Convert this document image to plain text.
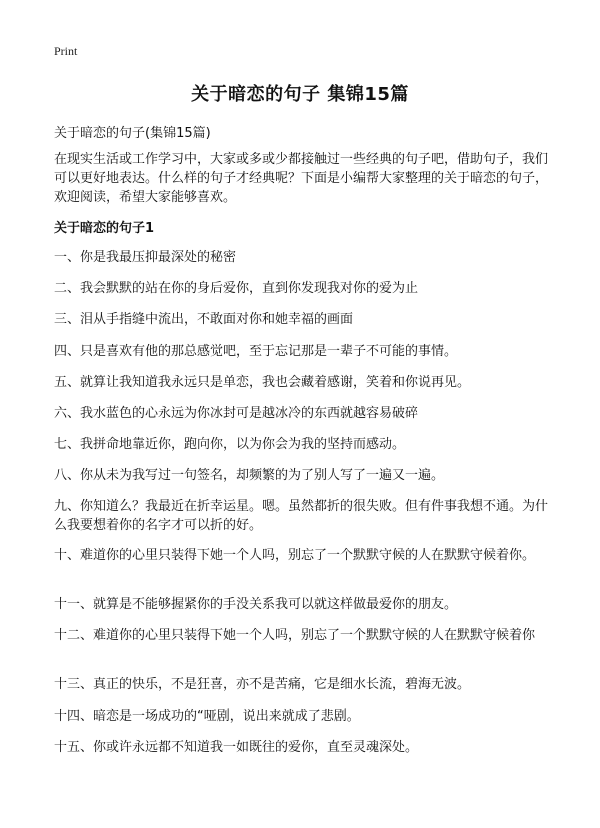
Print
关于暗恋的句子 集锦15篇
关于暗恋的句子(集锦15篇)
在现实生活或工作学习中，大家或多或少都接触过一些经典的句子吧，借助句子，我们可以更好地表达。什么样的句子才经典呢？下面是小编帮大家整理的关于暗恋的句子，欢迎阅读，希望大家能够喜欢。
关于暗恋的句子1
一、你是我最压抑最深处的秘密
二、我会默默的站在你的身后爱你，直到你发现我对你的爱为止
三、泪从手指缝中流出，不敢面对你和她幸福的画面
四、只是喜欢有他的那总感觉吧，至于忘记那是一辈子不可能的事情。
五、就算让我知道我永远只是单恋，我也会藏着感谢，笑着和你说再见。
六、我水蓝色的心永远为你冰封可是越冰冷的东西就越容易破碎
七、我拼命地靠近你，跑向你，以为你会为我的坚持而感动。
八、你从未为我写过一句签名，却频繁的为了别人写了一遍又一遍。
九、你知道么？我最近在折幸运星。嗯。虽然都折的很失败。但有件事我想不通。为什么我要想着你的名字才可以折的好。
十、难道你的心里只装得下她一个人吗，别忘了一个默默守候的人在默默守候着你。
十一、就算是不能够握紧你的手没关系我可以就这样做最爱你的朋友。
十二、难道你的心里只装得下她一个人吗，别忘了一个默默守候的人在默默守候着你
十三、真正的快乐，不是狂喜，亦不是苦痛，它是细水长流，碧海无波。
十四、暗恋是一场成功的“哑剧，说出来就成了悲剧。
十五、你或许永远都不知道我一如既往的爱你，直至灵魂深处。
